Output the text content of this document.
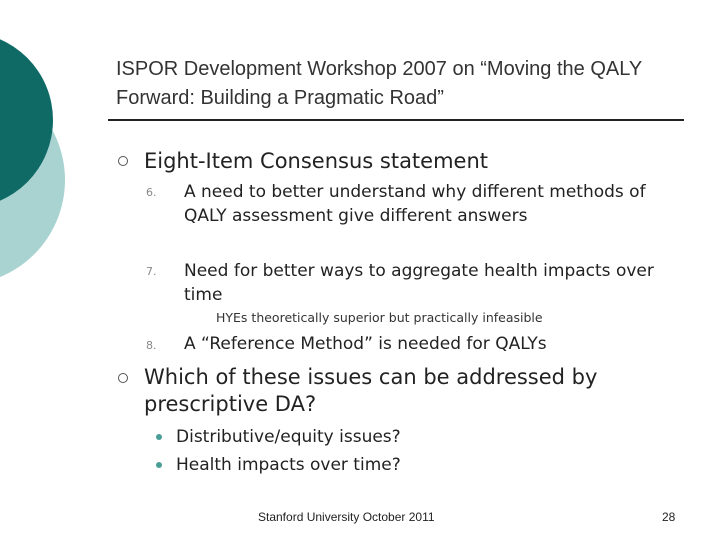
ISPOR Development Workshop 2007 on “Moving the QALY Forward: Building a Pragmatic Road”
Eight-Item Consensus statement
6. A need to better understand why different methods of QALY assessment give different answers
7. Need for better ways to aggregate health impacts over time
HYEs theoretically superior but practically infeasible
8. A “Reference Method” is needed for QALYs
Which of these issues can be addressed by prescriptive DA?
Distributive/equity issues?
Health impacts over time?
Stanford University October 2011	28
